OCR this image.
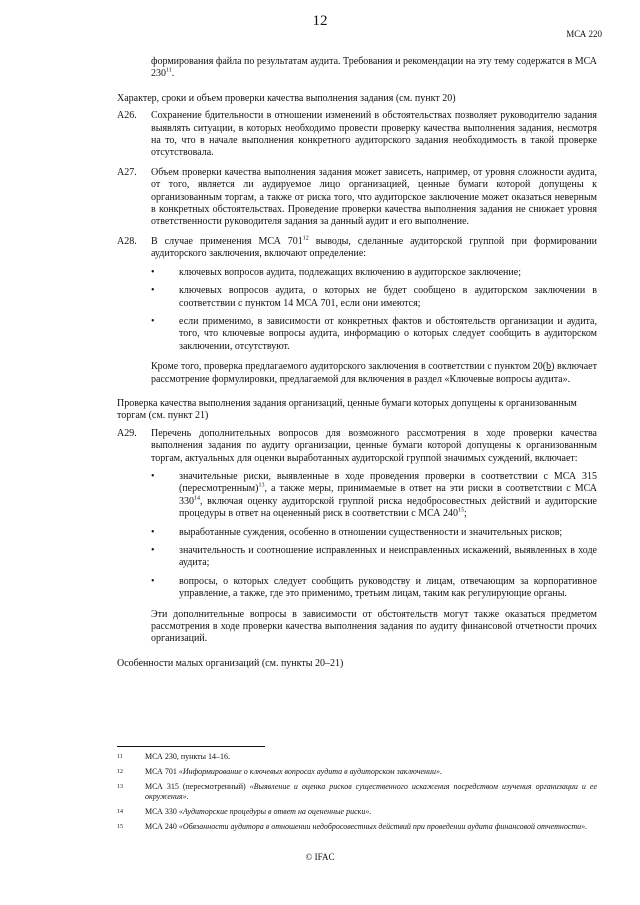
12
МСА 220

формирования файла по результатам аудита. Требования и рекомендации на эту тему содержатся в МСА $230^{11}$.

Характер, сроки и объем проверки качества выполнения задания (см. пункт 20)

A26. Сохранение бдительности в отношении изменений в обстоятельствах позволяет руководителю задания выявлять ситуации, в которых необходимо провести проверку качества выполнения задания, несмотря на то, что в начале выполнения конкретного аудиторского задания необходимость в такой проверке отсутствовала.
A27. Объем проверки качества выполнения задания может зависеть, например, от уровня сложности аудита, от того, является ли аудируемое лицо организацией, ценные бумаги которой допущены к организованным торгам, а также от риска того, что аудиторское заключение может оказаться неверным в конкретных обстоятельствах. Проведение проверки качества выполнения задания не снижает уровня ответственности руководителя задания за данный аудит и его выполнение.
A28. В случае применения МСА $701^{12}$ выводы, сделанные аудиторской группой при формировании аудиторского заключения, включают определение:
• ключевых вопросов аудита, подлежащих включению в аудиторское заключение;
• ключевых вопросов аудита, о которых не будет сообщено в аудиторском заключении в соответствии с пунктом 14 МСА 701, если они имеются;
• если применимо, в зависимости от конкретных фактов и обстоятельств организации и аудита, того, что ключевые вопросы аудита, информацию о которых следует сообщить в аудиторском заключении, отсутствуют.

Кроме того, проверка предлагаемого аудиторского заключения в соответствии с пунктом 20(b) включает рассмотрение формулировки, предлагаемой для включения в раздел «Ключевые вопросы аудита».

Проверка качества выполнения задания организаций, ценные бумаги которых допущены к организованным торгам (см. пункт 21)

A29. Перечень дополнительных вопросов для возможного рассмотрения в ходе проверки качества выполнения задания по аудиту организации, ценные бумаги которой допущены к организованным торгам, актуальных для оценки выработанных аудиторской группой значимых суждений, включает:
• значительные риски, выявленные в ходе проведения проверки в соответствии с МСА 315 (пересмотренным)$^{13}$, а также меры, принимаемые в ответ на эти риски в соответствии с МСА $330^{14}$, включая оценку аудиторской группой риска недобросовестных действий и аудиторские процедуры в ответ на оцененный риск в соответствии с МСА $240^{15}$;
• выработанные суждения, особенно в отношении существенности и значительных рисков;
• значительность и соотношение исправленных и неисправленных искажений, выявленных в ходе аудита;
• вопросы, о которых следует сообщить руководству и лицам, отвечающим за корпоративное управление, а также, где это применимо, третьим лицам, таким как регулирующие органы.

Эти дополнительные вопросы в зависимости от обстоятельств могут также оказаться предметом рассмотрения в ходе проверки качества выполнения задания по аудиту финансовой отчетности прочих организаций.

Особенности малых организаций (см. пункты 20–21)

11	МСА 230, пункты 14–16.
12	МСА 701 «Информирование о ключевых вопросах аудита в аудиторском заключении».
13	МСА 315 (пересмотренный) «Выявление и оценка рисков существенного искажения посредством изучения организации и ее окружения».
14	МСА 330 «Аудиторские процедуры в ответ на оцененные риски».
15	МСА 240 «Обязанности аудитора в отношении недобросовестных действий при проведении аудита финансовой отчетности».
© IFAC
